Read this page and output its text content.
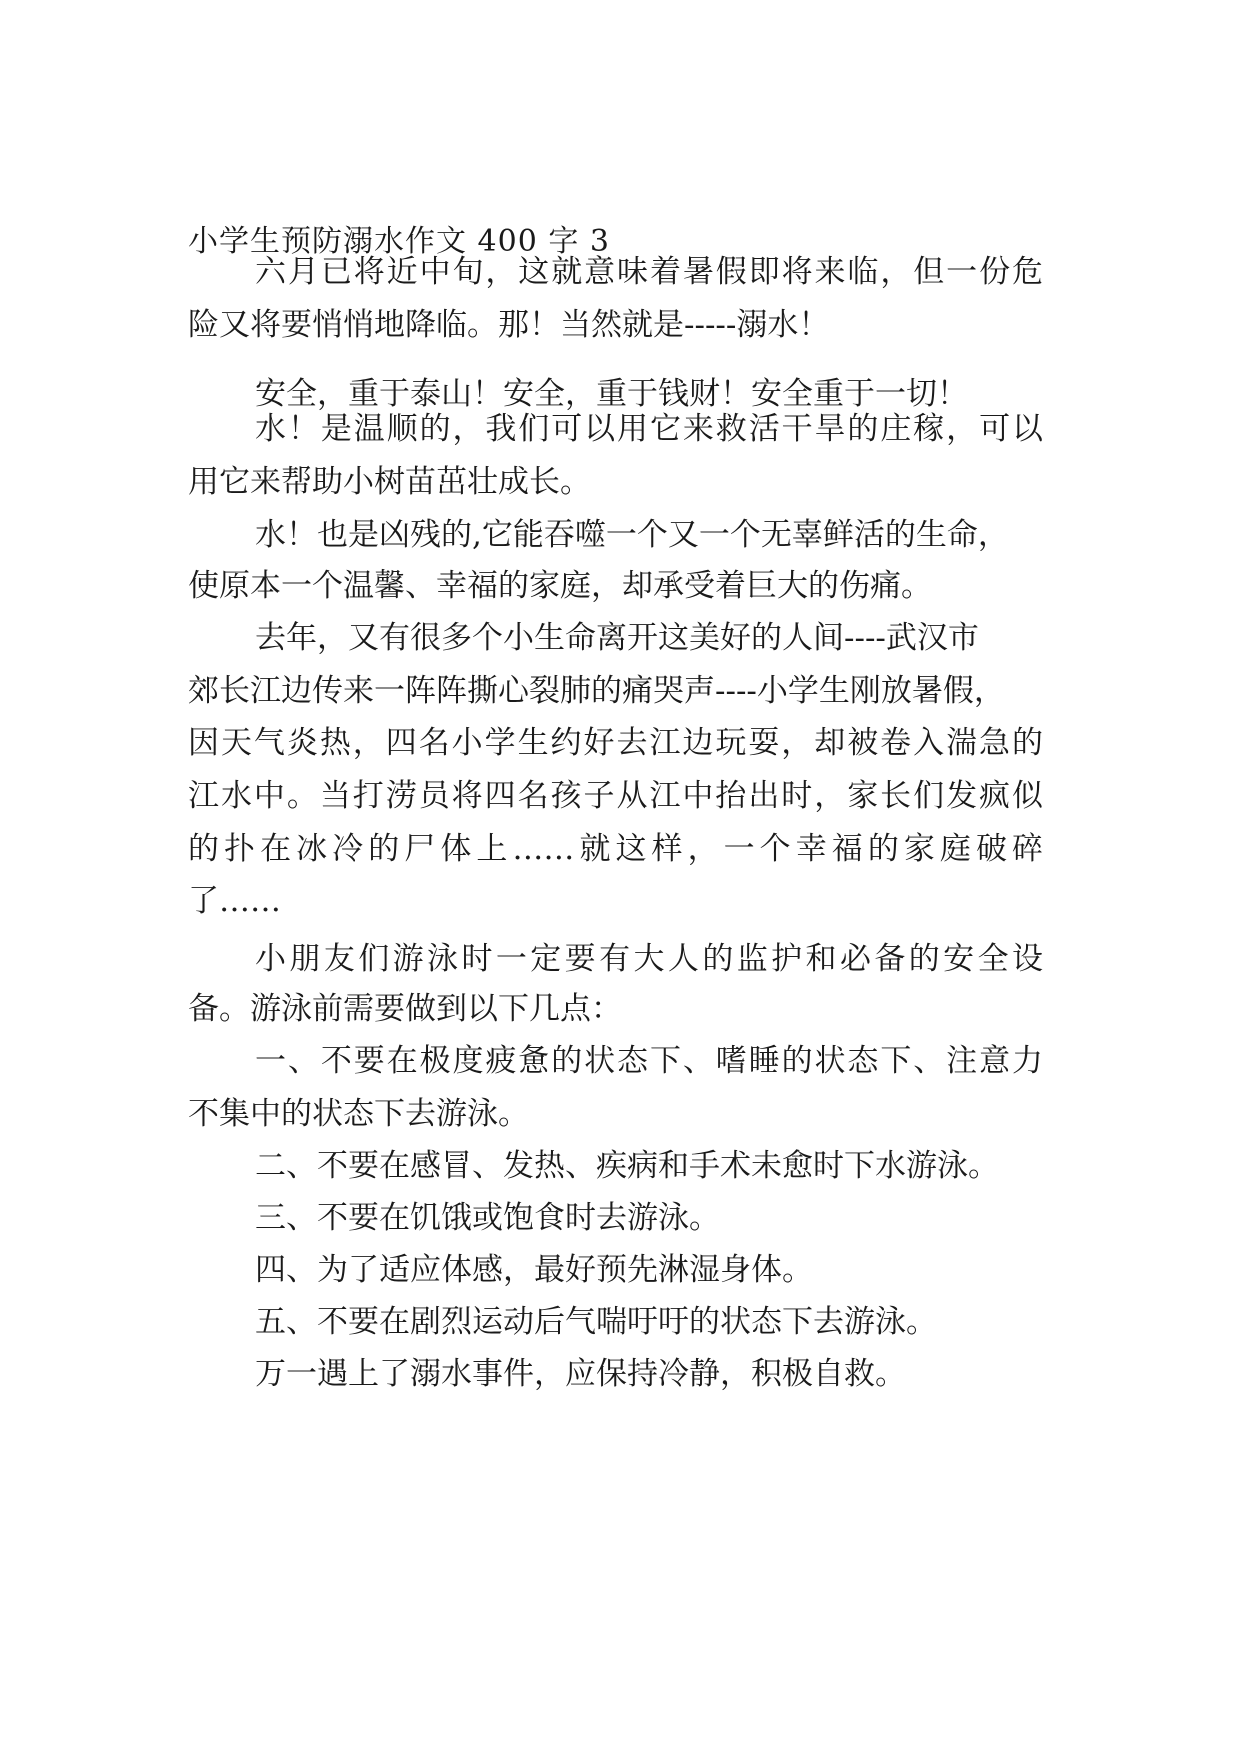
小学生预防溺水作文 400 字 3
六月已将近中旬，这就意味着暑假即将来临，但一份危
险又将要悄悄地降临。那！当然就是-----溺水！
安全，重于泰山！安全，重于钱财！安全重于一切！
水！是温顺的，我们可以用它来救活干旱的庄稼，可以
用它来帮助小树苗茁壮成长。
水！也是凶残的,它能吞噬一个又一个无辜鲜活的生命，
使原本一个温馨、幸福的家庭，却承受着巨大的伤痛。
去年，又有很多个小生命离开这美好的人间----武汉市
郊长江边传来一阵阵撕心裂肺的痛哭声----小学生刚放暑假，
因天气炎热，四名小学生约好去江边玩耍，却被卷入湍急的
江水中。当打涝员将四名孩子从江中抬出时，家长们发疯似
的扑在冰冷的尸体上……就这样，一个幸福的家庭破碎
了……
小朋友们游泳时一定要有大人的监护和必备的安全设
备。游泳前需要做到以下几点：
一、不要在极度疲惫的状态下、嗜睡的状态下、注意力
不集中的状态下去游泳。
二、不要在感冒、发热、疾病和手术未愈时下水游泳。
三、不要在饥饿或饱食时去游泳。
四、为了适应体感，最好预先淋湿身体。
五、不要在剧烈运动后气喘吁吁的状态下去游泳。
万一遇上了溺水事件，应保持冷静，积极自救。
